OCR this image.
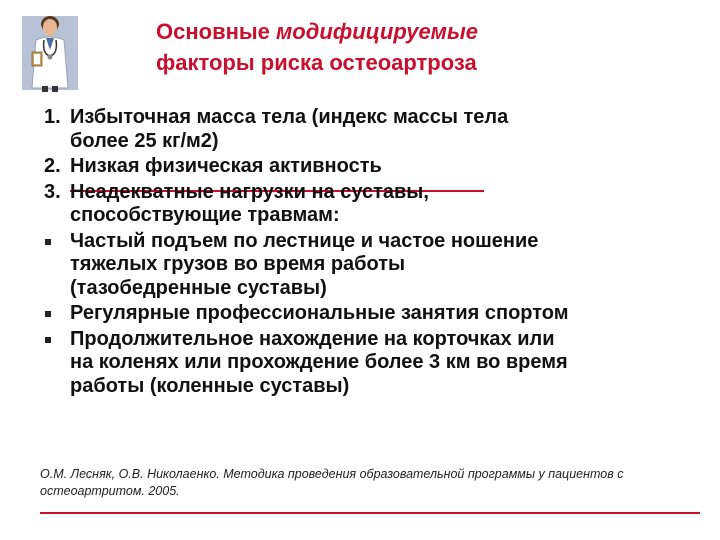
Основные модифицируемые
факторы риска остеоартроза
1. Избыточная масса тела (индекс массы тела
более 25 кг/м2)
2. Низкая физическая активность
3. Неадекватные нагрузки на суставы,
способствующие травмам:
Частый подъем по лестнице и частое ношение
тяжелых грузов во время работы
(тазобедренные суставы)
Регулярные профессиональные занятия спортом
Продолжительное нахождение на корточках или
на коленях или прохождение более 3 км во время
работы (коленные суставы)
О.М. Лесняк, О.В. Николаенко. Методика проведения образовательной программы у пациентов с
остеоартритом. 2005.
